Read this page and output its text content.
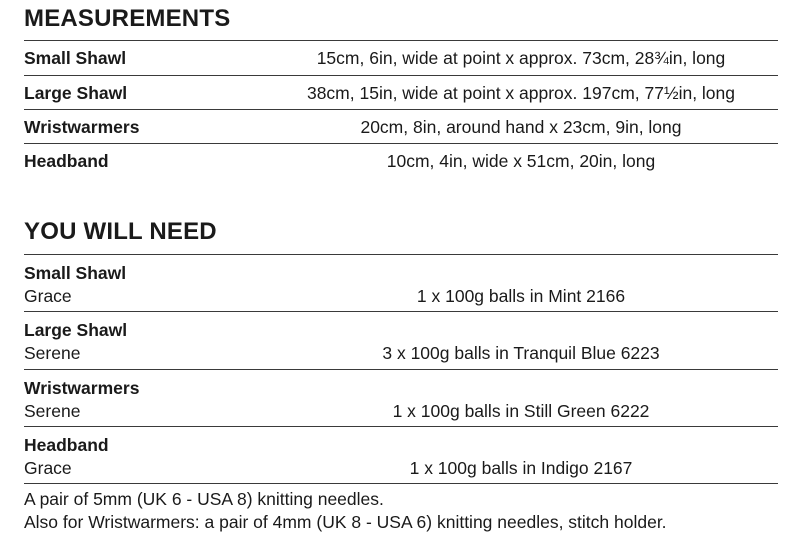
MEASUREMENTS
Small Shawl	15cm, 6in, wide at point x approx. 73cm, 28¾in, long
Large Shawl	38cm, 15in, wide at point x approx. 197cm, 77½in, long
Wristwarmers	20cm, 8in, around hand x 23cm, 9in, long
Headband	10cm, 4in, wide x 51cm, 20in, long
YOU WILL NEED
Small Shawl
Grace	1 x 100g balls in Mint 2166
Large Shawl
Serene	3 x 100g balls in Tranquil Blue 6223
Wristwarmers
Serene	1 x 100g balls in Still Green 6222
Headband
Grace	1 x 100g balls in Indigo 2167
A pair of 5mm (UK 6 - USA 8) knitting needles.
Also for Wristwarmers: a pair of 4mm (UK 8 - USA 6) knitting needles, stitch holder.
